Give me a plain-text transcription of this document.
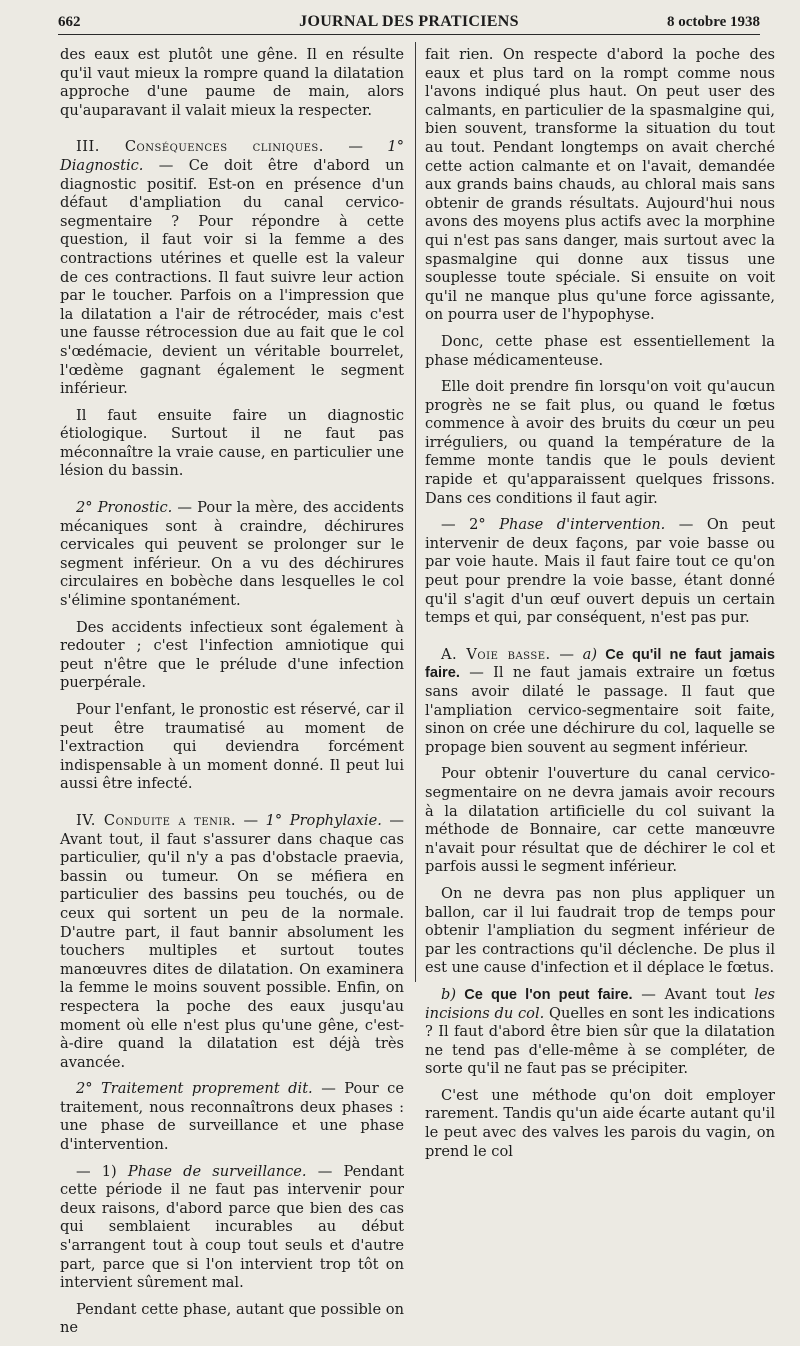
662	JOURNAL DES PRATICIENS	8 octobre 1938

des eaux est plutôt une gêne. Il en résulte qu'il vaut mieux la rompre quand la dilatation approche d'une paume de main, alors qu'auparavant il valait mieux la respecter.

III. Conséquences cliniques. — 1° Diagnostic. — Ce doit être d'abord un diagnostic positif. Est-on en présence d'un défaut d'ampliation du canal cervico-segmentaire ? Pour répondre à cette question, il faut voir si la femme a des contractions utérines et quelle est la valeur de ces contractions. Il faut suivre leur action par le toucher. Parfois on a l'impression que la dilatation a l'air de rétrocéder, mais c'est une fausse rétrocession due au fait que le col s'œdémacie, devient un véritable bourrelet, l'œdème gagnant également le segment inférieur.

Il faut ensuite faire un diagnostic étiologique. Surtout il ne faut pas méconnaître la vraie cause, en particulier une lésion du bassin.

2° Pronostic. — Pour la mère, des accidents mécaniques sont à craindre, déchirures cervicales qui peuvent se prolonger sur le segment inférieur. On a vu des déchirures circulaires en bobèche dans lesquelles le col s'élimine spontanément.

Des accidents infectieux sont également à redouter ; c'est l'infection amniotique qui peut n'être que le prélude d'une infection puerpérale.

Pour l'enfant, le pronostic est réservé, car il peut être traumatisé au moment de l'extraction qui deviendra forcément indispensable à un moment donné. Il peut lui aussi être infecté.

IV. Conduite a tenir. — 1° Prophylaxie. — Avant tout, il faut s'assurer dans chaque cas particulier, qu'il n'y a pas d'obstacle praevia, bassin ou tumeur. On se méfiera en particulier des bassins peu touchés, ou de ceux qui sortent un peu de la normale. D'autre part, il faut bannir absolument les touchers multiples et surtout toutes manœuvres dites de dilatation. On examinera la femme le moins souvent possible. Enfin, on respectera la poche des eaux jusqu'au moment où elle n'est plus qu'une gêne, c'est-à-dire quand la dilatation est déjà très avancée.

2° Traitement proprement dit. — Pour ce traitement, nous reconnaîtrons deux phases : une phase de surveillance et une phase d'intervention.

— 1) Phase de surveillance. — Pendant cette période il ne faut pas intervenir pour deux raisons, d'abord parce que bien des cas qui semblaient incurables au début s'arrangent tout à coup tout seuls et d'autre part, parce que si l'on intervient trop tôt on intervient sûrement mal.

Pendant cette phase, autant que possible on ne

fait rien. On respecte d'abord la poche des eaux et plus tard on la rompt comme nous l'avons indiqué plus haut. On peut user des calmants, en particulier de la spasmalgine qui, bien souvent, transforme la situation du tout au tout. Pendant longtemps on avait cherché cette action calmante et on l'avait, demandée aux grands bains chauds, au chloral mais sans obtenir de grands résultats. Aujourd'hui nous avons des moyens plus actifs avec la morphine qui n'est pas sans danger, mais surtout avec la spasmalgine qui donne aux tissus une souplesse toute spéciale. Si ensuite on voit qu'il ne manque plus qu'une force agissante, on pourra user de l'hypophyse.

Donc, cette phase est essentiellement la phase médicamenteuse.

Elle doit prendre fin lorsqu'on voit qu'aucun progrès ne se fait plus, ou quand le fœtus commence à avoir des bruits du cœur un peu irréguliers, ou quand la température de la femme monte tandis que le pouls devient rapide et qu'apparaissent quelques frissons. Dans ces conditions il faut agir.

— 2° Phase d'intervention. — On peut intervenir de deux façons, par voie basse ou par voie haute. Mais il faut faire tout ce qu'on peut pour prendre la voie basse, étant donné qu'il s'agit d'un œuf ouvert depuis un certain temps et qui, par conséquent, n'est pas pur.

A. Voie basse. — a) Ce qu'il ne faut jamais faire. — Il ne faut jamais extraire un fœtus sans avoir dilaté le passage. Il faut que l'ampliation cervico-segmentaire soit faite, sinon on crée une déchirure du col, laquelle se propage bien souvent au segment inférieur.

Pour obtenir l'ouverture du canal cervico-segmentaire on ne devra jamais avoir recours à la dilatation artificielle du col suivant la méthode de Bonnaire, car cette manœuvre n'avait pour résultat que de déchirer le col et parfois aussi le segment inférieur.

On ne devra pas non plus appliquer un ballon, car il lui faudrait trop de temps pour obtenir l'ampliation du segment inférieur de par les contractions qu'il déclenche. De plus il est une cause d'infection et il déplace le fœtus.

b) Ce que l'on peut faire. — Avant tout les incisions du col. Quelles en sont les indications ? Il faut d'abord être bien sûr que la dilatation ne tend pas d'elle-même à se compléter, de sorte qu'il ne faut pas se précipiter.

C'est une méthode qu'on doit employer rarement. Tandis qu'un aide écarte autant qu'il le peut avec des valves les parois du vagin, on prend le col
